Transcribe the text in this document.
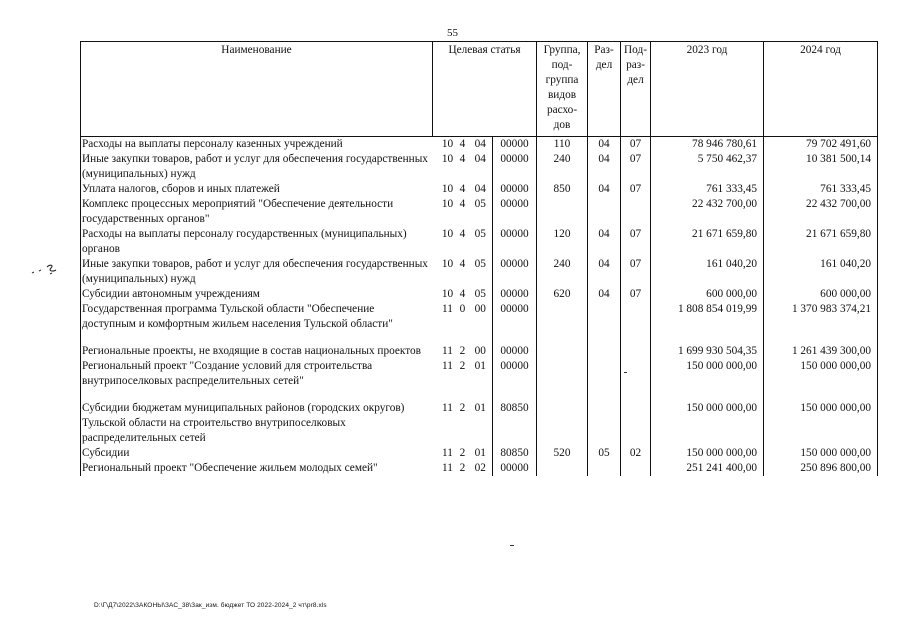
55
Наименование	Целевая статья				Группа, под-группа видов расхо-дов	Раз-дел	Под-раз-дел	2023 год	2024 год
Расходы на выплаты персоналу казенных учреждений	10	4	04	00000	110	04	07	78 946 780,61	79 702 491,60
Иные закупки товаров, работ и услуг для обеспечения государственных (муниципальных) нужд	10	4	04	00000	240	04	07	5 750 462,37	10 381 500,14
Уплата налогов, сборов и иных платежей	10	4	04	00000	850	04	07	761 333,45	761 333,45
Комплекс процессных мероприятий "Обеспечение деятельности государственных органов"	10	4	05	00000				22 432 700,00	22 432 700,00
Расходы на выплаты персоналу государственных (муниципальных) органов	10	4	05	00000	120	04	07	21 671 659,80	21 671 659,80
Иные закупки товаров, работ и услуг для обеспечения государственных (муниципальных) нужд	10	4	05	00000	240	04	07	161 040,20	161 040,20
Субсидии автономным учреждениям	10	4	05	00000	620	04	07	600 000,00	600 000,00
Государственная программа Тульской области "Обеспечение доступным и комфортным жильем населения Тульской области"	11	0	00	00000				1 808 854 019,99	1 370 983 374,21

Региональные проекты, не входящие в состав национальных проектов	11	2	00	00000				1 699 930 504,35	1 261 439 300,00
Региональный проект "Создание условий для строительства внутрипоселковых распределительных сетей"	11	2	01	00000				150 000 000,00	150 000 000,00

Субсидии бюджетам муниципальных районов (городских округов) Тульской области на строительство внутрипоселковых распределительных сетей	11	2	01	80850				150 000 000,00	150 000 000,00
Субсидии	11	2	01	80850	520	05	02	150 000 000,00	150 000 000,00
Региональный проект "Обеспечение жильем молодых семей"	11	2	02	00000				251 241 400,00	250 896 800,00
D:\Г\Д7\2022\ЗАКОНЫ\ЗАС_38\Зак_изм. бюджет ТО 2022-2024_2 чт\pr8.xls
